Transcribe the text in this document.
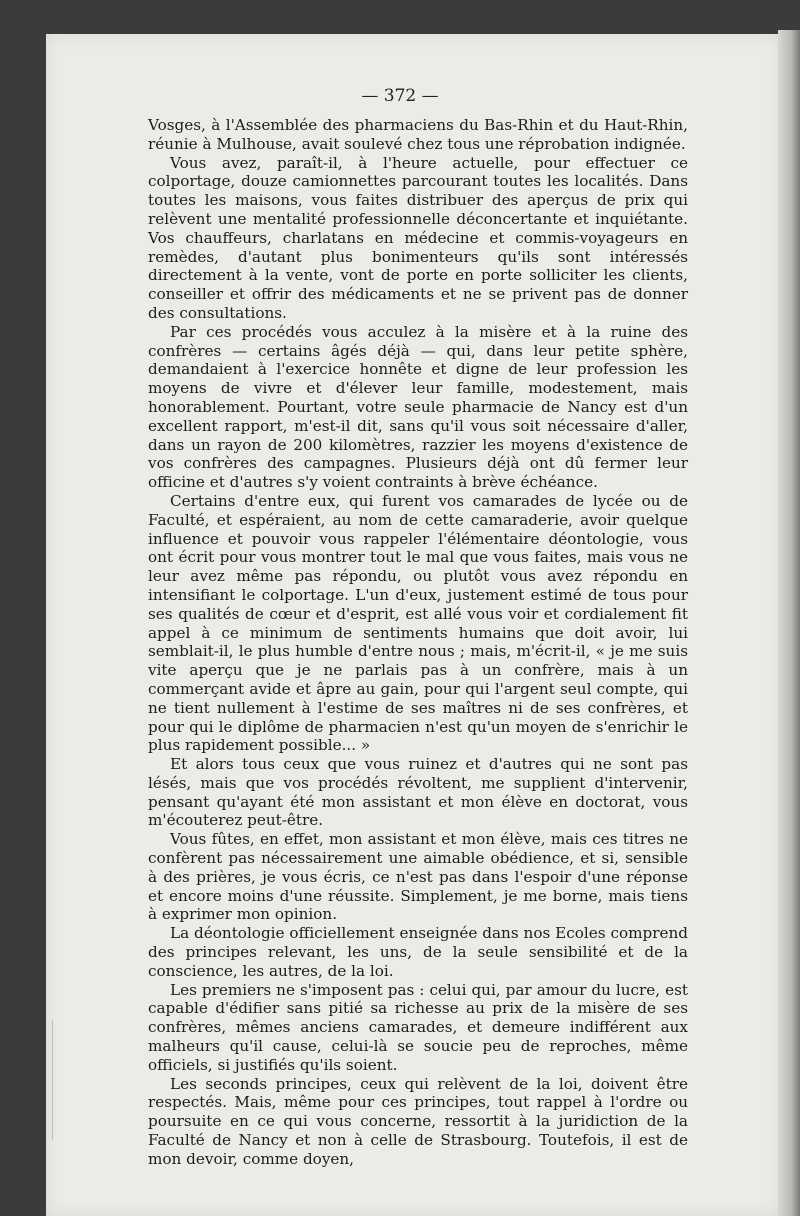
— 372 —

Vosges, à l'Assemblée des pharmaciens du Bas-Rhin et du Haut-Rhin, réunie à Mulhouse, avait soulevé chez tous une réprobation indignée.

Vous avez, paraît-il, à l'heure actuelle, pour effectuer ce colportage, douze camionnettes parcourant toutes les localités. Dans toutes les maisons, vous faites distribuer des aperçus de prix qui relèvent une mentalité professionnelle déconcertante et inquiétante. Vos chauffeurs, charlatans en médecine et commis-voyageurs en remèdes, d'autant plus bonimenteurs qu'ils sont intéressés directement à la vente, vont de porte en porte solliciter les clients, conseiller et offrir des médicaments et ne se privent pas de donner des consultations.

Par ces procédés vous acculez à la misère et à la ruine des confrères — certains âgés déjà — qui, dans leur petite sphère, demandaient à l'exercice honnête et digne de leur profession les moyens de vivre et d'élever leur famille, modestement, mais honorablement. Pourtant, votre seule pharmacie de Nancy est d'un excellent rapport, m'est-il dit, sans qu'il vous soit nécessaire d'aller, dans un rayon de 200 kilomètres, razzier les moyens d'existence de vos confrères des campagnes. Plusieurs déjà ont dû fermer leur officine et d'autres s'y voient contraints à brève échéance.

Certains d'entre eux, qui furent vos camarades de lycée ou de Faculté, et espéraient, au nom de cette camaraderie, avoir quelque influence et pouvoir vous rappeler l'élémentaire déontologie, vous ont écrit pour vous montrer tout le mal que vous faites, mais vous ne leur avez même pas répondu, ou plutôt vous avez répondu en intensifiant le colportage. L'un d'eux, justement estimé de tous pour ses qualités de cœur et d'esprit, est allé vous voir et cordialement fit appel à ce minimum de sentiments humains que doit avoir, lui semblait-il, le plus humble d'entre nous ; mais, m'écrit-il, « je me suis vite aperçu que je ne parlais pas à un confrère, mais à un commerçant avide et âpre au gain, pour qui l'argent seul compte, qui ne tient nullement à l'estime de ses maîtres ni de ses confrères, et pour qui le diplôme de pharmacien n'est qu'un moyen de s'enrichir le plus rapidement possible... »

Et alors tous ceux que vous ruinez et d'autres qui ne sont pas lésés, mais que vos procédés révoltent, me supplient d'intervenir, pensant qu'ayant été mon assistant et mon élève en doctorat, vous m'écouterez peut-être.

Vous fûtes, en effet, mon assistant et mon élève, mais ces titres ne confèrent pas nécessairement une aimable obédience, et si, sensible à des prières, je vous écris, ce n'est pas dans l'espoir d'une réponse et encore moins d'une réussite. Simplement, je me borne, mais tiens à exprimer mon opinion.

La déontologie officiellement enseignée dans nos Ecoles comprend des principes relevant, les uns, de la seule sensibilité et de la conscience, les autres, de la loi.

Les premiers ne s'imposent pas : celui qui, par amour du lucre, est capable d'édifier sans pitié sa richesse au prix de la misère de ses confrères, mêmes anciens camarades, et demeure indifférent aux malheurs qu'il cause, celui-là se soucie peu de reproches, même officiels, si justifiés qu'ils soient.

Les seconds principes, ceux qui relèvent de la loi, doivent être respectés. Mais, même pour ces principes, tout rappel à l'ordre ou poursuite en ce qui vous concerne, ressortit à la juridiction de la Faculté de Nancy et non à celle de Strasbourg. Toutefois, il est de mon devoir, comme doyen,
